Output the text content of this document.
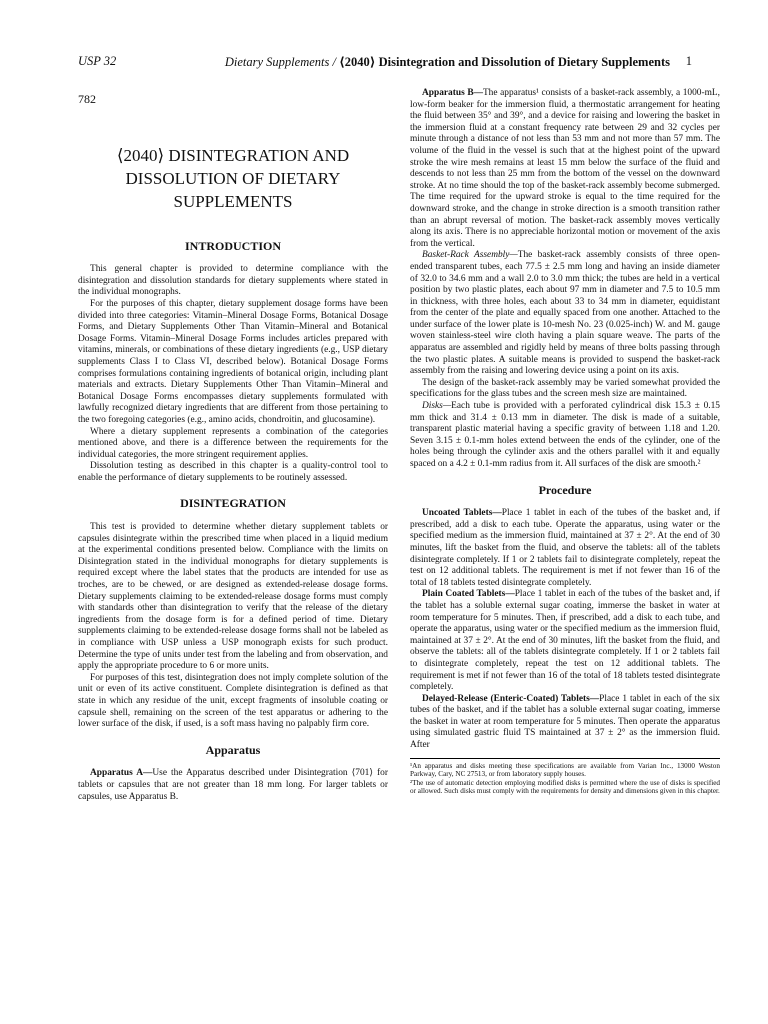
USP 32	Dietary Supplements / ⟨2040⟩ Disintegration and Dissolution of Dietary Supplements 1
782
⟨2040⟩ DISINTEGRATION AND DISSOLUTION OF DIETARY SUPPLEMENTS
INTRODUCTION

This general chapter is provided to determine compliance with the disintegration and dissolution standards for dietary supplements where stated in the individual monographs.

For the purposes of this chapter, dietary supplement dosage forms have been divided into three categories: Vitamin–Mineral Dosage Forms, Botanical Dosage Forms, and Dietary Supplements Other Than Vitamin–Mineral and Botanical Dosage Forms. Vitamin–Mineral Dosage Forms includes articles prepared with vitamins, minerals, or combinations of these dietary ingredients (e.g., USP dietary supplements Class I to Class VI, described below). Botanical Dosage Forms comprises formulations containing ingredients of botanical origin, including plant materials and extracts. Dietary Supplements Other Than Vitamin–Mineral and Botanical Dosage Forms encompasses dietary supplements formulated with lawfully recognized dietary ingredients that are different from those pertaining to the two foregoing categories (e.g., amino acids, chondroitin, and glucosamine).

Where a dietary supplement represents a combination of the categories mentioned above, and there is a difference between the requirements for the individual categories, the more stringent requirement applies.

Dissolution testing as described in this chapter is a quality-control tool to enable the performance of dietary supplements to be routinely assessed.

DISINTEGRATION

This test is provided to determine whether dietary supplement tablets or capsules disintegrate within the prescribed time when placed in a liquid medium at the experimental conditions presented below. Compliance with the limits on Disintegration stated in the individual monographs for dietary supplements is required except where the label states that the products are intended for use as troches, are to be chewed, or are designed as extended-release dosage forms. Dietary supplements claiming to be extended-release dosage forms must comply with standards other than disintegration to verify that the release of the dietary ingredients from the dosage form is for a defined period of time. Dietary supplements claiming to be extended-release dosage forms shall not be labeled as in compliance with USP unless a USP monograph exists for such product. Determine the type of units under test from the labeling and from observation, and apply the appropriate procedure to 6 or more units.

For purposes of this test, disintegration does not imply complete solution of the unit or even of its active constituent. Complete disintegration is defined as that state in which any residue of the unit, except fragments of insoluble coating or capsule shell, remaining on the screen of the test apparatus or adhering to the lower surface of the disk, if used, is a soft mass having no palpably firm core.

Apparatus

Apparatus A—Use the Apparatus described under Disintegration ⟨701⟩ for tablets or capsules that are not greater than 18 mm long. For larger tablets or capsules, use Apparatus B.

Apparatus B—The apparatus¹ consists of a basket-rack assembly, a 1000-mL, low-form beaker for the immersion fluid, a thermostatic arrangement for heating the fluid between 35° and 39°, and a device for raising and lowering the basket in the immersion fluid at a constant frequency rate between 29 and 32 cycles per minute through a distance of not less than 53 mm and not more than 57 mm. The volume of the fluid in the vessel is such that at the highest point of the upward stroke the wire mesh remains at least 15 mm below the surface of the fluid and descends to not less than 25 mm from the bottom of the vessel on the downward stroke. At no time should the top of the basket-rack assembly become submerged. The time required for the upward stroke is equal to the time required for the downward stroke, and the change in stroke direction is a smooth transition rather than an abrupt reversal of motion. The basket-rack assembly moves vertically along its axis. There is no appreciable horizontal motion or movement of the axis from the vertical.

Basket-Rack Assembly—The basket-rack assembly consists of three open-ended transparent tubes, each 77.5 ± 2.5 mm long and having an inside diameter of 32.0 to 34.6 mm and a wall 2.0 to 3.0 mm thick; the tubes are held in a vertical position by two plastic plates, each about 97 mm in diameter and 7.5 to 10.5 mm in thickness, with three holes, each about 33 to 34 mm in diameter, equidistant from the center of the plate and equally spaced from one another. Attached to the under surface of the lower plate is 10-mesh No. 23 (0.025-inch) W. and M. gauge woven stainless-steel wire cloth having a plain square weave. The parts of the apparatus are assembled and rigidly held by means of three bolts passing through the two plastic plates. A suitable means is provided to suspend the basket-rack assembly from the raising and lowering device using a point on its axis.

The design of the basket-rack assembly may be varied somewhat provided the specifications for the glass tubes and the screen mesh size are maintained.

Disks—Each tube is provided with a perforated cylindrical disk 15.3 ± 0.15 mm thick and 31.4 ± 0.13 mm in diameter. The disk is made of a suitable, transparent plastic material having a specific gravity of between 1.18 and 1.20. Seven 3.15 ± 0.1-mm holes extend between the ends of the cylinder, one of the holes being through the cylinder axis and the others parallel with it and equally spaced on a 4.2 ± 0.1-mm radius from it. All surfaces of the disk are smooth.²

Procedure

Uncoated Tablets—Place 1 tablet in each of the tubes of the basket and, if prescribed, add a disk to each tube. Operate the apparatus, using water or the specified medium as the immersion fluid, maintained at 37 ± 2°. At the end of 30 minutes, lift the basket from the fluid, and observe the tablets: all of the tablets disintegrate completely. If 1 or 2 tablets fail to disintegrate completely, repeat the test on 12 additional tablets. The requirement is met if not fewer than 16 of the total of 18 tablets tested disintegrate completely.

Plain Coated Tablets—Place 1 tablet in each of the tubes of the basket and, if the tablet has a soluble external sugar coating, immerse the basket in water at room temperature for 5 minutes. Then, if prescribed, add a disk to each tube, and operate the apparatus, using water or the specified medium as the immersion fluid, maintained at 37 ± 2°. At the end of 30 minutes, lift the basket from the fluid, and observe the tablets: all of the tablets disintegrate completely. If 1 or 2 tablets fail to disintegrate completely, repeat the test on 12 additional tablets. The requirement is met if not fewer than 16 of the total of 18 tablets tested disintegrate completely.

Delayed-Release (Enteric-Coated) Tablets—Place 1 tablet in each of the six tubes of the basket, and if the tablet has a soluble external sugar coating, immerse the basket in water at room temperature for 5 minutes. Then operate the apparatus using simulated gastric fluid TS maintained at 37 ± 2° as the immersion fluid. After

¹An apparatus and disks meeting these specifications are available from Varian Inc., 13000 Weston Parkway, Cary, NC 27513, or from laboratory supply houses.

²The use of automatic detection employing modified disks is permitted where the use of disks is specified or allowed. Such disks must comply with the requirements for density and dimensions given in this chapter.
